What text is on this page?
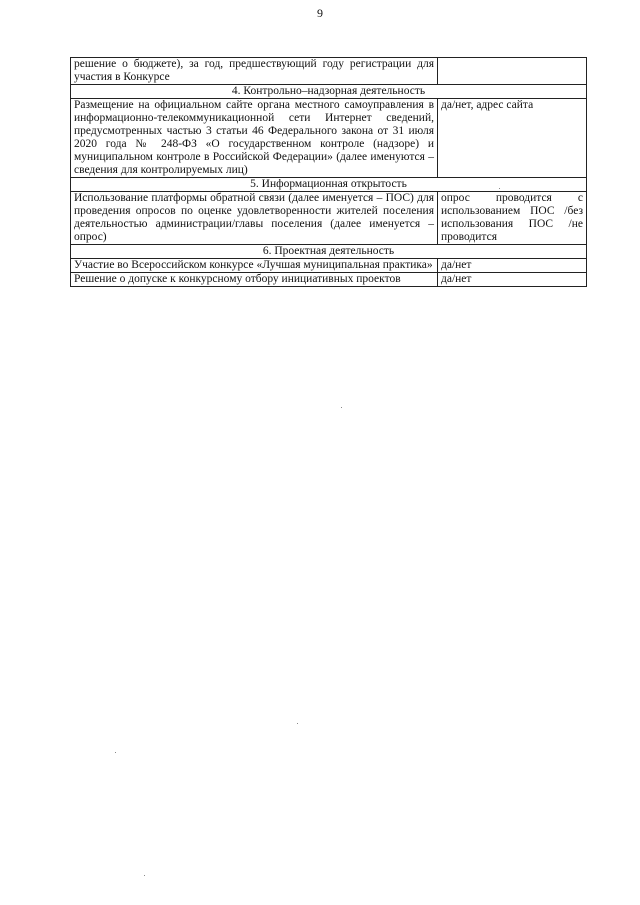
9
решение о бюджете), за год, предшествующий году регистрации для участия в Конкурсе	
4. Контрольно–надзорная деятельность	
Размещение на официальном сайте органа местного самоуправления в информационно-телекоммуникационной сети Интернет сведений, предусмотренных частью 3 статьи 46 Федерального закона от 31 июля 2020 года № 248-ФЗ «О государственном контроле (надзоре) и муниципальном контроле в Российской Федерации» (далее именуются – сведения для контролируемых лиц)	да/нет, адрес сайта
5. Информационная открытость	
Использование платформы обратной связи (далее именуется – ПОС) для проведения опросов по оценке удовлетворенности жителей поселения деятельностью администрации/главы поселения (далее именуется – опрос)	опрос проводится с использованием ПОС /без использования ПОС /не проводится
6. Проектная деятельность	
Участие во Всероссийском конкурсе «Лучшая муниципальная практика»	да/нет
Решение о допуске к конкурсному отбору инициативных проектов	да/нет
